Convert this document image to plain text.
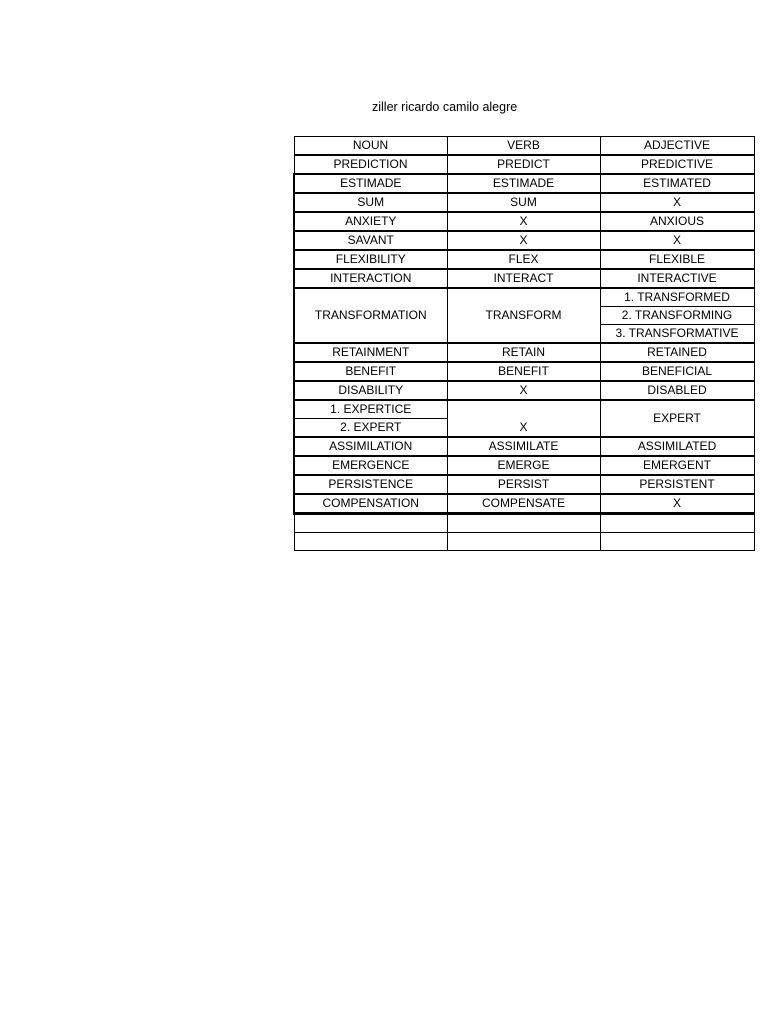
ziller ricardo camilo alegre
NOUN	VERB	ADJECTIVE
PREDICTION	PREDICT	PREDICTIVE
ESTIMADE	ESTIMADE	ESTIMATED
SUM	SUM	X
ANXIETY	X	ANXIOUS
SAVANT	X	X
FLEXIBILITY	FLEX	FLEXIBLE
INTERACTION	INTERACT	INTERACTIVE
TRANSFORMATION	TRANSFORM	1. TRANSFORMED
		2. TRANSFORMING
		3. TRANSFORMATIVE
RETAINMENT	RETAIN	RETAINED
BENEFIT	BENEFIT	BENEFICIAL
DISABILITY	X	DISABLED
1. EXPERTICE	X	EXPERT
2. EXPERT		
ASSIMILATION	ASSIMILATE	ASSIMILATED
EMERGENCE	EMERGE	EMERGENT
PERSISTENCE	PERSIST	PERSISTENT
COMPENSATION	COMPENSATE	X
